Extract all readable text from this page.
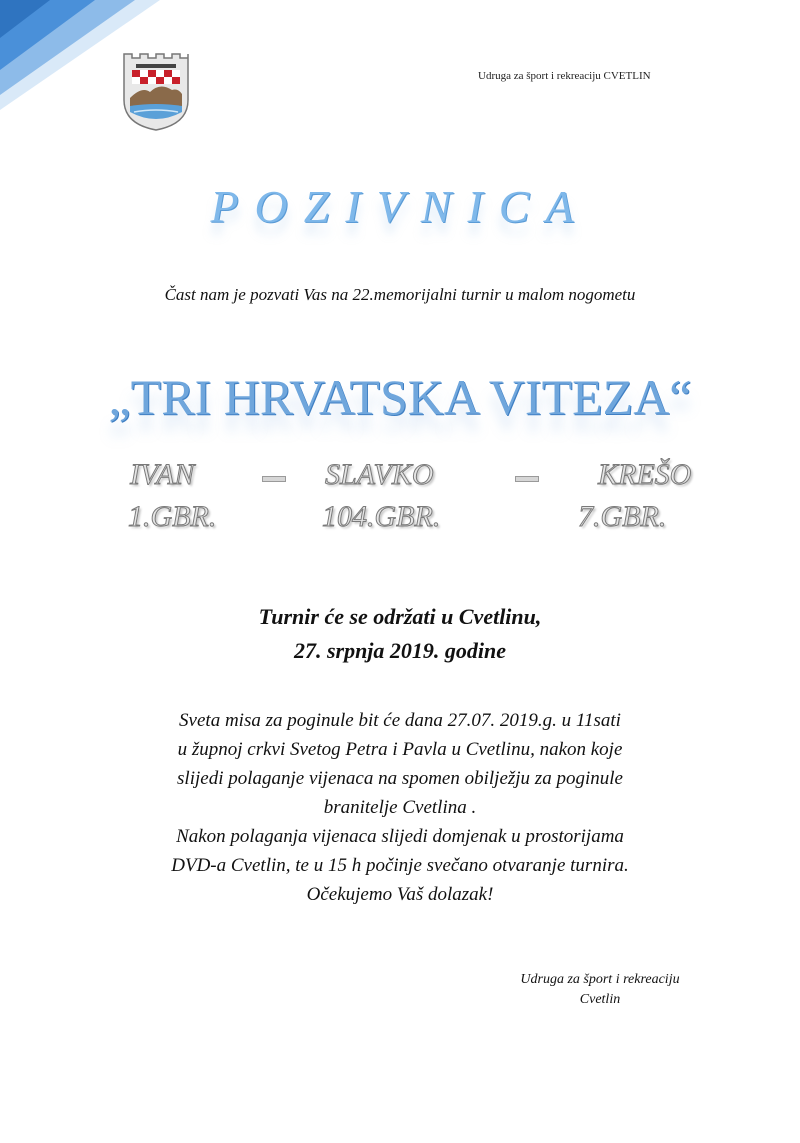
Udruga za šport i rekreaciju CVETLIN
POZIVNICA
Čast nam je pozvati Vas na 22.memorijalni turnir u malom nogometu
„TRI HRVATSKA VITEZA“
IVAN	SLAVKO	KREŠO
1.GBR.	104.GBR.	7.GBR.
Turnir će se održati u Cvetlinu,
27. srpnja 2019. godine
Sveta misa za poginule bit će dana 27.07. 2019.g. u 11sati
u župnoj crkvi Svetog Petra i Pavla u Cvetlinu, nakon koje
slijedi polaganje vijenaca na spomen obilježju za poginule
branitelje Cvetlina .
Nakon polaganja vijenaca slijedi domjenak u prostorijama
DVD-a Cvetlin, te u 15 h počinje svečano otvaranje turnira.
Očekujemo Vaš dolazak!
Udruga za šport i rekreaciju
Cvetlin
